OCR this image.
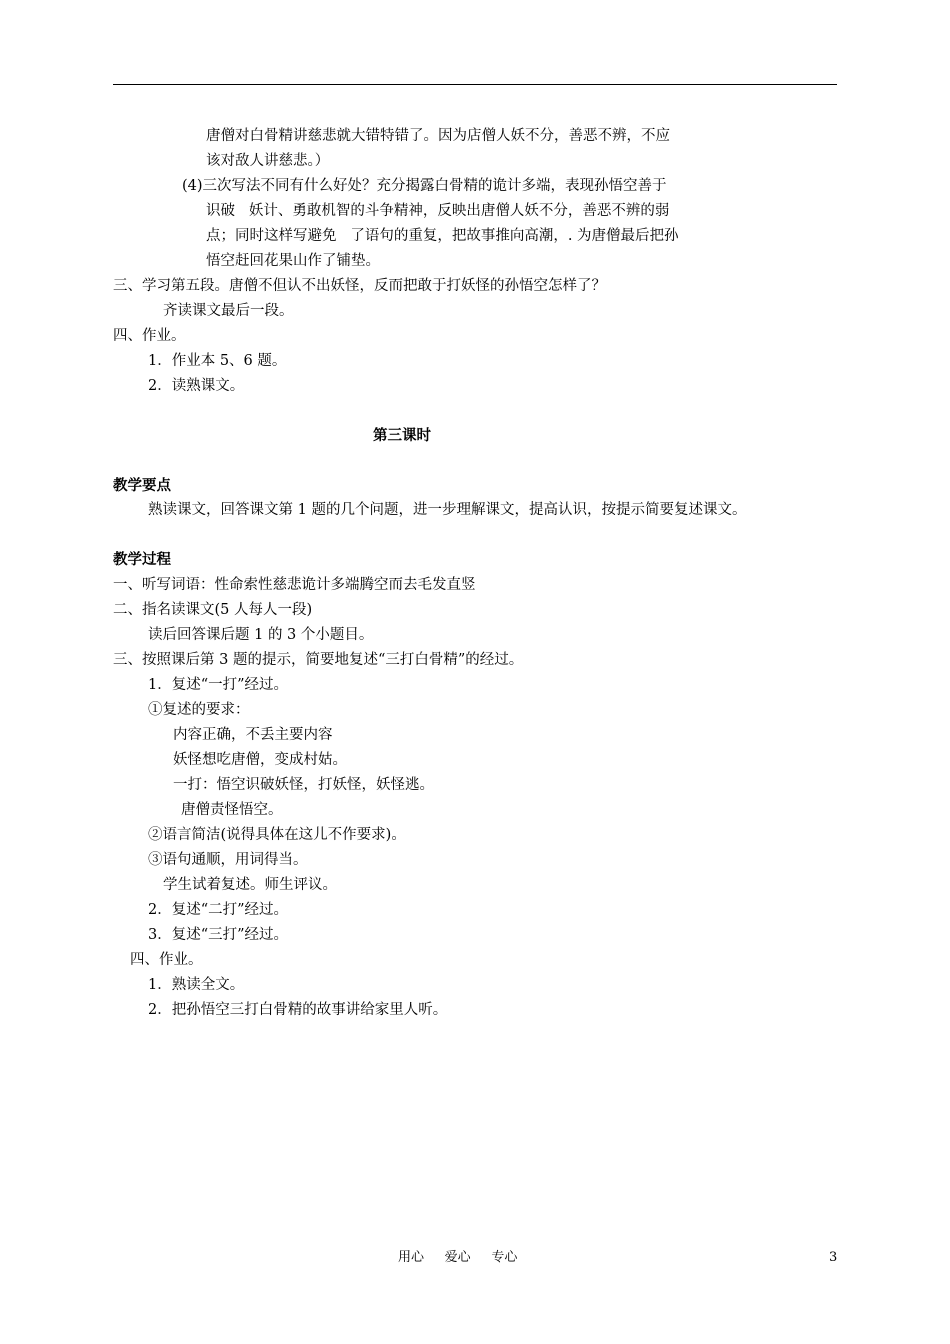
唐僧对白骨精讲慈悲就大错特错了。因为店僧人妖不分，善恶不辨，不应
该对敌人讲慈悲。）
(4)三次写法不同有什么好处？充分揭露白骨精的诡计多端，表现孙悟空善于
识破   妖计、勇敢机智的斗争精神，反映出唐僧人妖不分，善恶不辨的弱
点；同时这样写避免   了语句的重复，把故事推向高潮，. 为唐僧最后把孙
悟空赶回花果山作了铺垫。
三、学习第五段。唐僧不但认不出妖怪，反而把敢于打妖怪的孙悟空怎样了？
齐读课文最后一段。
四、作业。
1．作业本 5、6 题。
2．读熟课文。
第三课时
教学要点
熟读课文，回答课文第 1 题的几个问题，进一步理解课文，提高认识，按提示简要复述课文。
教学过程
一、听写词语：性命索性慈悲诡计多端腾空而去毛发直竖
二、指名读课文(5 人每人一段)
读后回答课后题 1 的 3 个小题目。
三、按照课后第 3 题的提示，简要地复述“三打白骨精”的经过。
1．复述“一打”经过。
①复述的要求：
内容正确，不丢主要内容
妖怪想吃唐僧，变成村姑。
一打：悟空识破妖怪，打妖怪，妖怪逃。
唐僧责怪悟空。
②语言简洁(说得具体在这儿不作要求)。
③语句通顺，用词得当。
学生试着复述。师生评议。
2．复述“二打”经过。
3．复述“三打”经过。
四、作业。
1．熟读全文。
2．把孙悟空三打白骨精的故事讲给家里人听。
用心     爱心     专心	3
